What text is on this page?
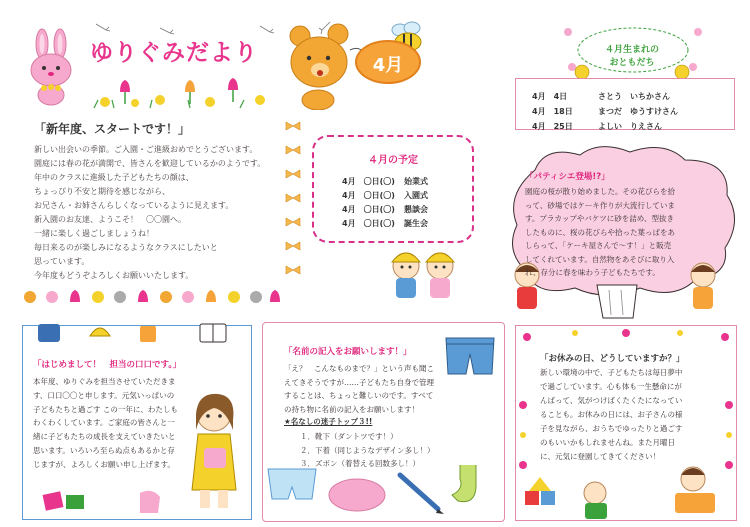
ゆりぐみだより	4月
「新年度、スタートです！」
新しい出会いの季節。ご入園・ご進級おめでとうございます。
園庭には春の花が満開で、皆さんを歓迎しているかのようです。
年中のクラスに進級した子どもたちの顔は、
ちょっぴり不安と期待を感じながら、
お兄さん・お姉さんらしくなっているように見えます。
新入園のお友達、ようこそ！　〇〇園へ。
一緒に楽しく過ごしましょうね！
毎日来るのが楽しみになるようなクラスにしたいと
思っています。
今年度もどうぞよろしくお願いいたします。
４月の予定
4月　〇日(〇) 始業式
4月　〇日(〇) 入園式
4月　〇日(〇) 懇談会
4月　〇日(〇) 誕生会
４月生まれの
おともだち
4月　4日	さとう　いちかさん
4月　18日	まつだ　ゆうすけさん
4月　25日	よしい　りえさん
「パティシエ登場!?」
園庭の桜が散り始めました。その花びらを拾
って、砂場ではケーキ作りが大流行していま
す。プラカップやバケツに砂を詰め、型抜き
したものに、桜の花びらや拾った葉っぱをあ
しらって、「ケーキ屋さんで〜す！」と販売
してくれています。自然物をあそびに取り入
れ、存分に春を味わう子どもたちです。
「はじめまして！　担当の口口です。」
本年度、ゆりぐみを担当させていただきま
す、口口〇〇と申します。元気いっぱいの
子どもたちと過ごす この一年に、わたしも
わくわくしています。ご家庭の皆さんと一
緒に子どもたちの成長を支えていきたいと
思います。いろいろ至らぬ点もあるかと存
じますが、よろしくお願い申し上げます。
「名前の記入をお願いします！」
「え？　こんなものまで？」という声も聞こ
えてきそうですが……子どもたち自身で管理
することは、ちょっと難しいのです。すべて
の持ち物に名前の記入をお願いします！
★名なしの迷子トップ３!!
１．靴下（ダントツです！）
２．下着（同じようなデザイン多し！）
３．ズボン（着替える回数多し！）
「お休みの日、どうしていますか？」
新しい環境の中で、子どもたちは毎日夢中
で過ごしています。心も体も一生懸命にが
んばって、気がつけばくたくたになってい
ることも。お休みの日には、お子さんの様
子を見ながら、おうちでゆったりと過ごす
のもいいかもしれませんね。また月曜日
に、元気に登園してきてください！
